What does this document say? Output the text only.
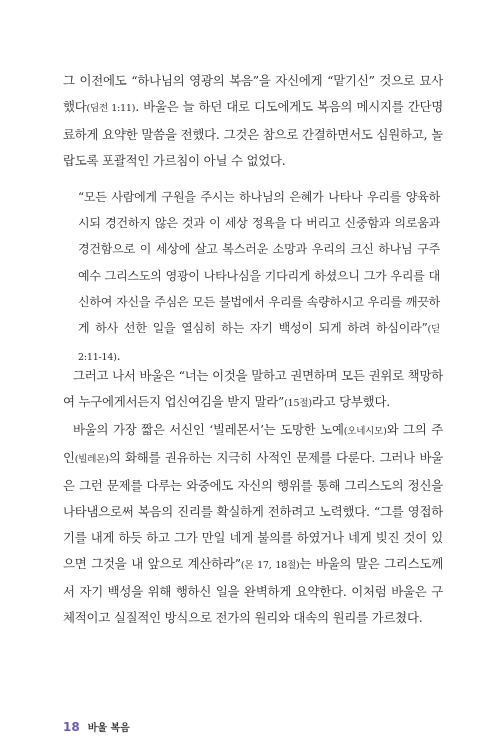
그 이전에도 “하나님의 영광의 복음”을 자신에게 “맡기신” 것으로 묘사했다(딤전 1:11). 바울은 늘 하던 대로 디도에게도 복음의 메시지를 간단명료하게 요약한 말씀을 전했다. 그것은 참으로 간결하면서도 심원하고, 놀랍도록 포괄적인 가르침이 아닐 수 없었다.

“모든 사람에게 구원을 주시는 하나님의 은혜가 나타나 우리를 양육하시되 경건하지 않은 것과 이 세상 정욕을 다 버리고 신중함과 의로움과 경건함으로 이 세상에 살고 복스러운 소망과 우리의 크신 하나님 구주 예수 그리스도의 영광이 나타나심을 기다리게 하셨으니 그가 우리를 대신하여 자신을 주심은 모든 불법에서 우리를 속량하시고 우리를 깨끗하게 하사 선한 일을 열심히 하는 자기 백성이 되게 하려 하심이라”(딛 2:11-14).

그러고 나서 바울은 “너는 이것을 말하고 권면하며 모든 권위로 책망하여 누구에게서든지 업신여김을 받지 말라”(15절)라고 당부했다.
바울의 가장 짧은 서신인 ‘빌레몬서’는 도망한 노예(오네시모)와 그의 주인(빌레몬)의 화해를 권유하는 지극히 사적인 문제를 다룬다. 그러나 바울은 그런 문제를 다루는 와중에도 자신의 행위를 통해 그리스도의 정신을 나타냄으로써 복음의 진리를 확실하게 전하려고 노력했다. “그를 영접하기를 내게 하듯 하고 그가 만일 네게 불의를 하였거나 네게 빚진 것이 있으면 그것을 내 앞으로 계산하라”(몬 17, 18절)는 바울의 말은 그리스도께서 자기 백성을 위해 행하신 일을 완벽하게 요약한다. 이처럼 바울은 구체적이고 실질적인 방식으로 전가의 원리와 대속의 원리를 가르쳤다.
18 바울 복음
